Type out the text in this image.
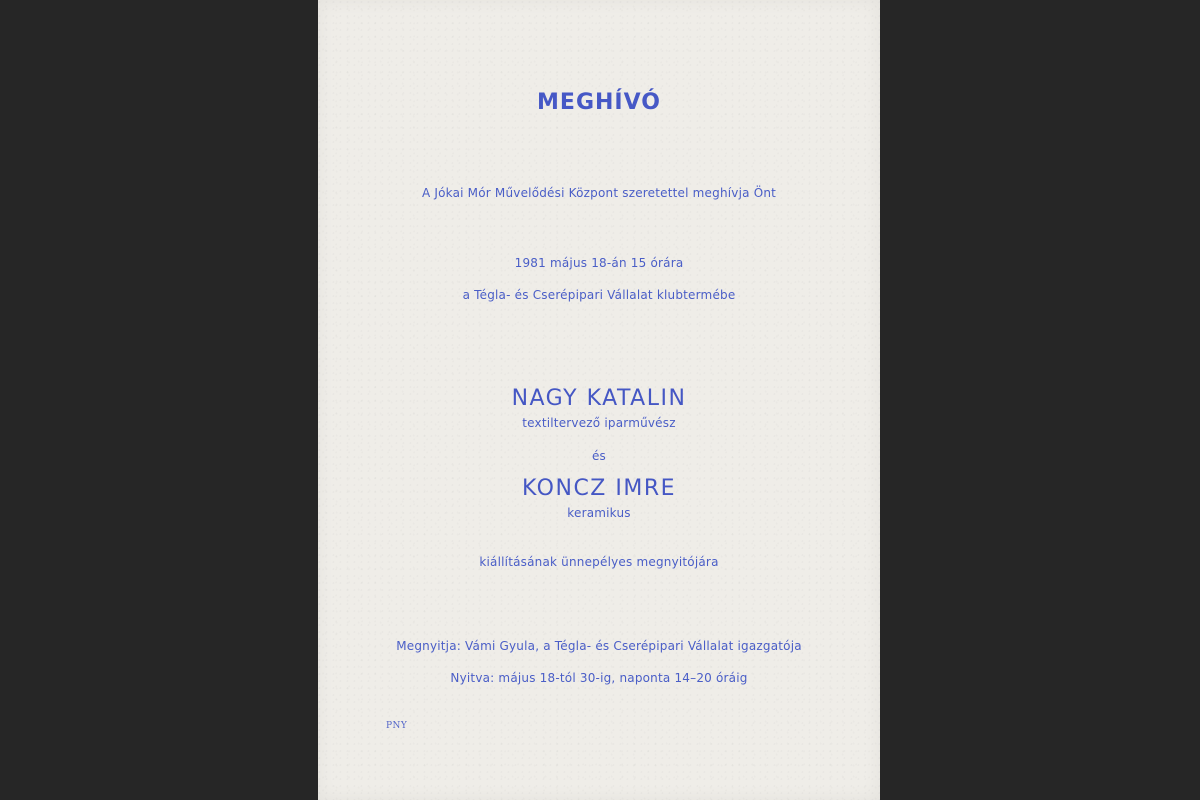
MEGHÍVÓ
A Jókai Mór Művelődési Központ szeretettel meghívja Önt
1981 május 18-án 15 órára
a Tégla- és Cserépipari Vállalat klubtermébe
NAGY KATALIN
textiltervező iparművész
és
KONCZ IMRE
keramikus
kiállításának ünnepélyes megnyitójára
Megnyitja: Vámi Gyula, a Tégla- és Cserépipari Vállalat igazgatója
Nyitva: május 18-tól 30-ig, naponta 14–20 óráig
PNY
